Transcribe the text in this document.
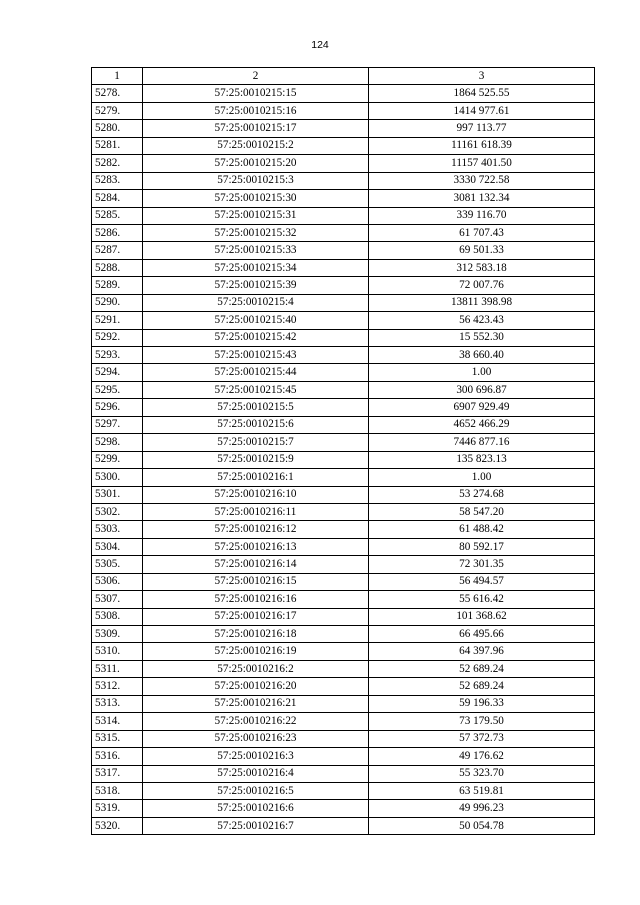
124
1	2	3
5278.	57:25:0010215:15	1864 525.55
5279.	57:25:0010215:16	1414 977.61
5280.	57:25:0010215:17	997 113.77
5281.	57:25:0010215:2	11161 618.39
5282.	57:25:0010215:20	11157 401.50
5283.	57:25:0010215:3	3330 722.58
5284.	57:25:0010215:30	3081 132.34
5285.	57:25:0010215:31	339 116.70
5286.	57:25:0010215:32	61 707.43
5287.	57:25:0010215:33	69 501.33
5288.	57:25:0010215:34	312 583.18
5289.	57:25:0010215:39	72 007.76
5290.	57:25:0010215:4	13811 398.98
5291.	57:25:0010215:40	56 423.43
5292.	57:25:0010215:42	15 552.30
5293.	57:25:0010215:43	38 660.40
5294.	57:25:0010215:44	1.00
5295.	57:25:0010215:45	300 696.87
5296.	57:25:0010215:5	6907 929.49
5297.	57:25:0010215:6	4652 466.29
5298.	57:25:0010215:7	7446 877.16
5299.	57:25:0010215:9	135 823.13
5300.	57:25:0010216:1	1.00
5301.	57:25:0010216:10	53 274.68
5302.	57:25:0010216:11	58 547.20
5303.	57:25:0010216:12	61 488.42
5304.	57:25:0010216:13	80 592.17
5305.	57:25:0010216:14	72 301.35
5306.	57:25:0010216:15	56 494.57
5307.	57:25:0010216:16	55 616.42
5308.	57:25:0010216:17	101 368.62
5309.	57:25:0010216:18	66 495.66
5310.	57:25:0010216:19	64 397.96
5311.	57:25:0010216:2	52 689.24
5312.	57:25:0010216:20	52 689.24
5313.	57:25:0010216:21	59 196.33
5314.	57:25:0010216:22	73 179.50
5315.	57:25:0010216:23	57 372.73
5316.	57:25:0010216:3	49 176.62
5317.	57:25:0010216:4	55 323.70
5318.	57:25:0010216:5	63 519.81
5319.	57:25:0010216:6	49 996.23
5320.	57:25:0010216:7	50 054.78
